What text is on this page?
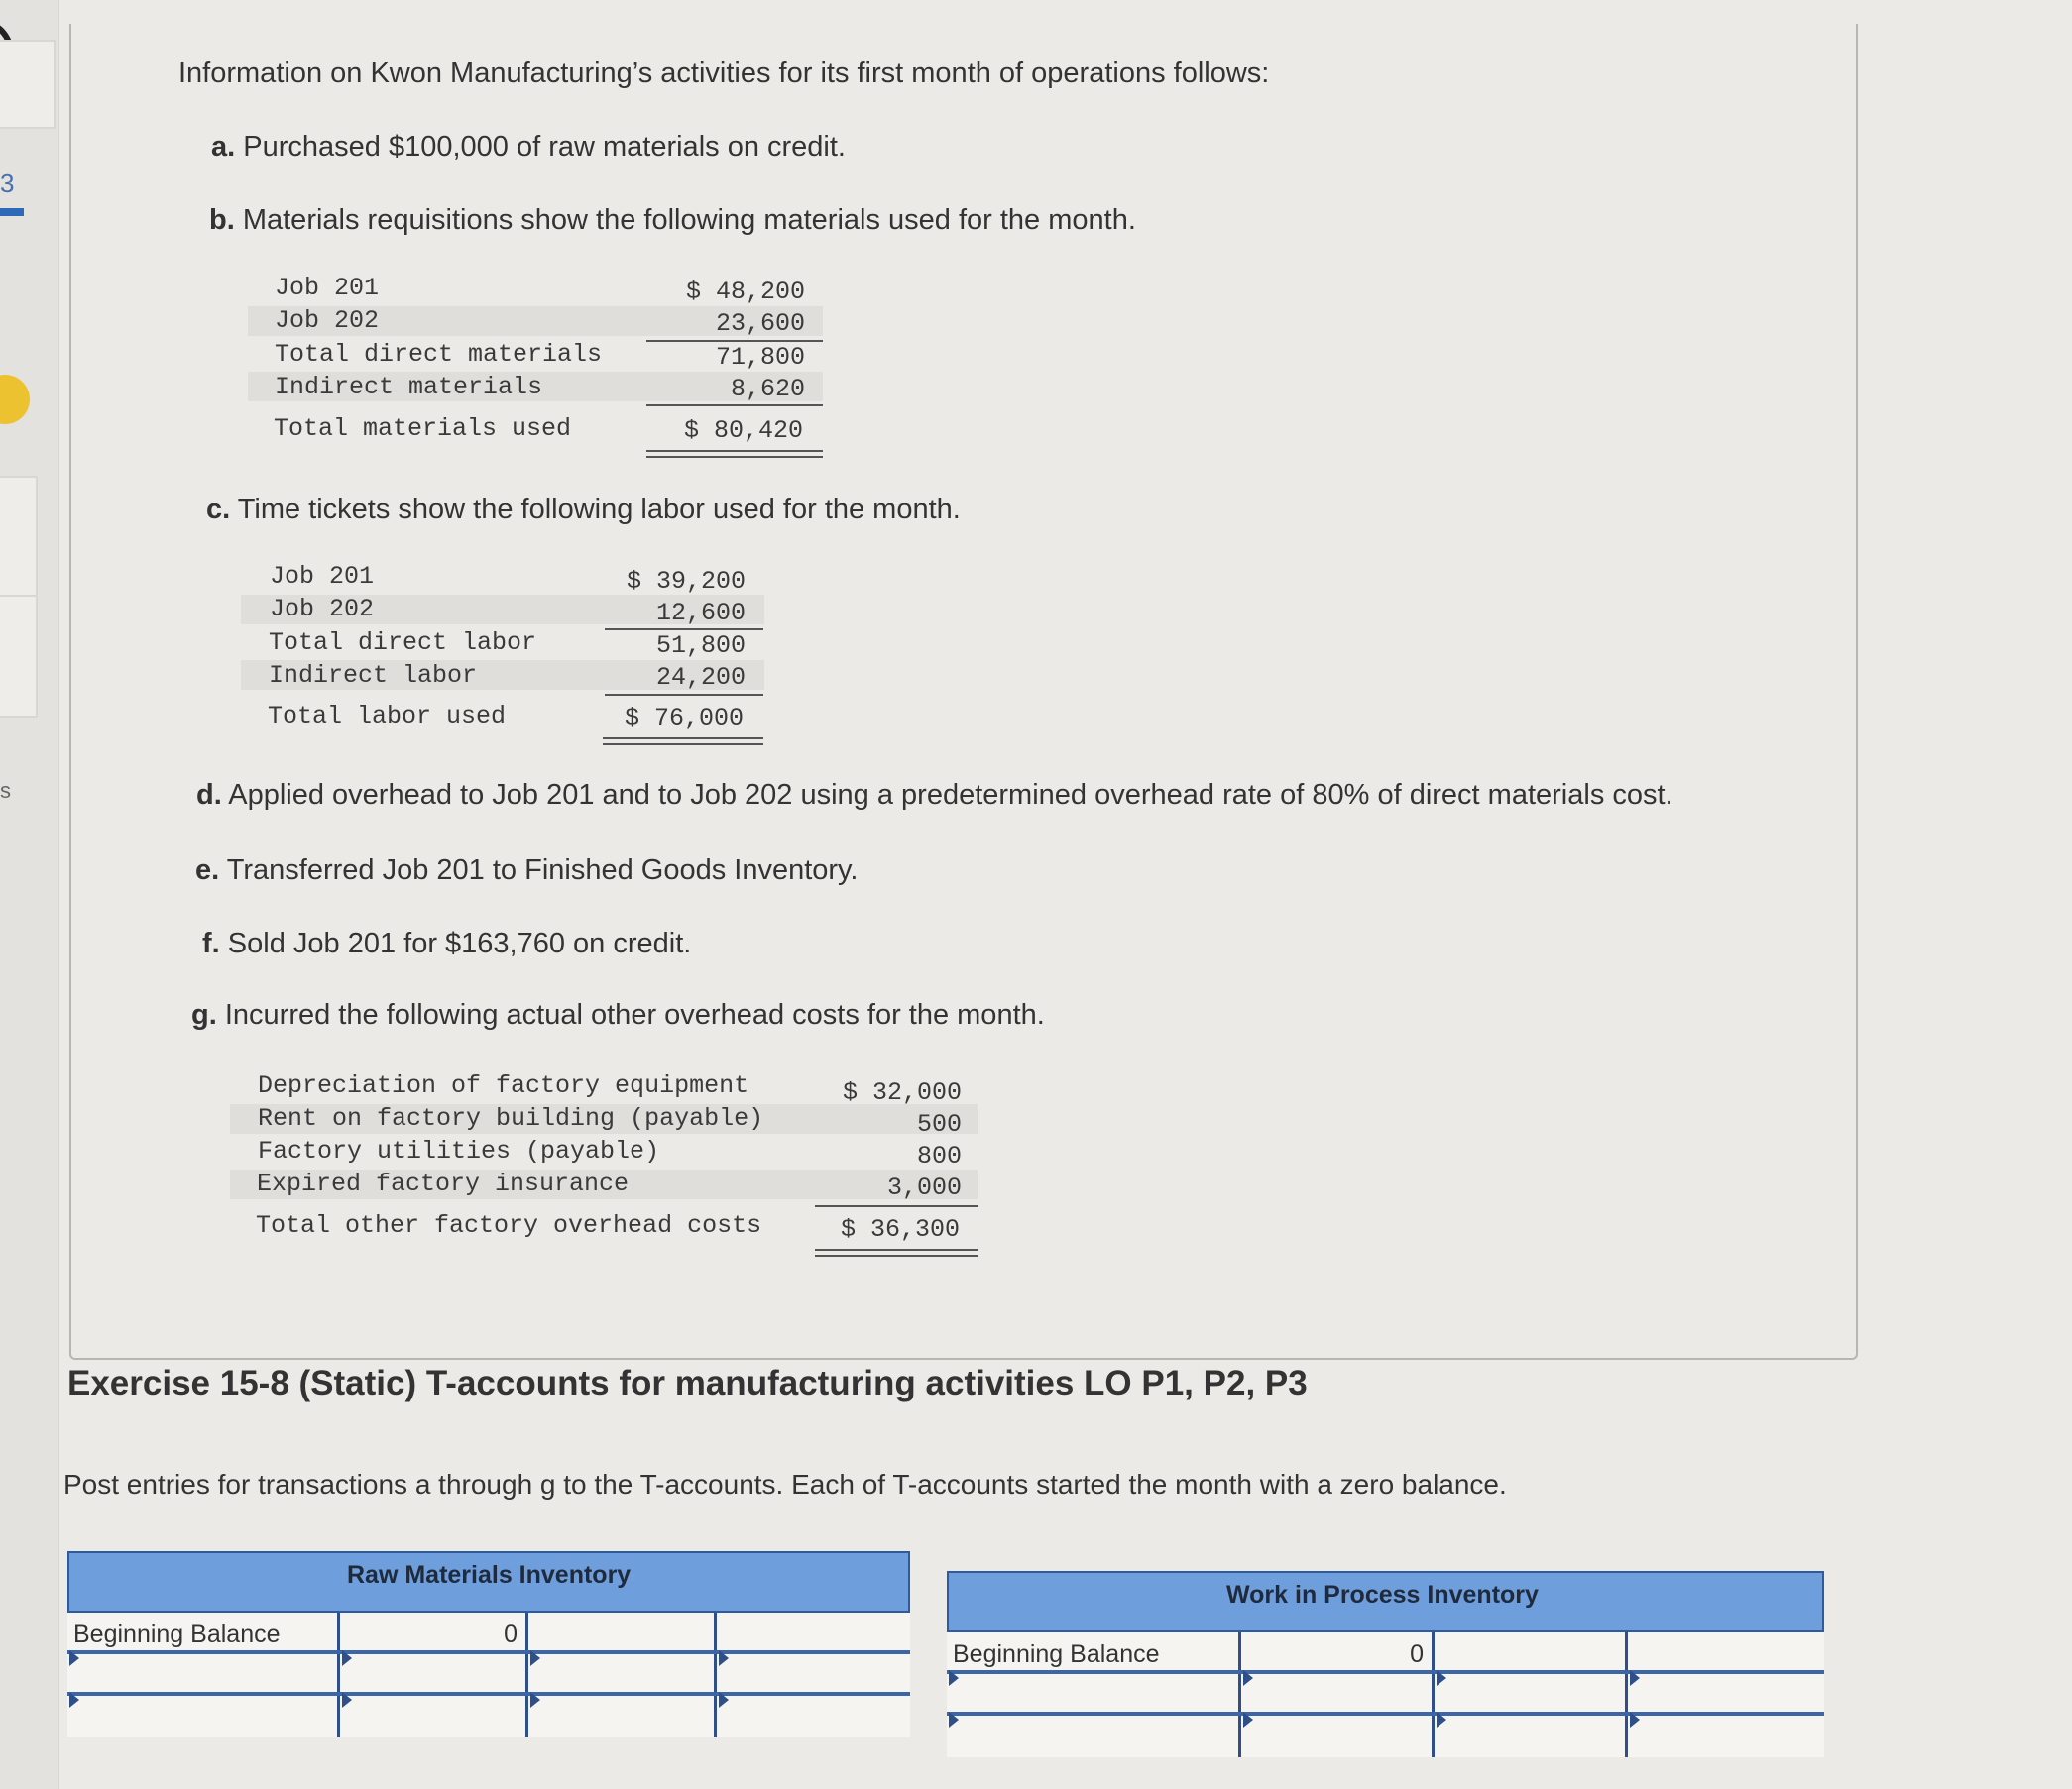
3
s
Information on Kwon Manufacturing’s activities for its first month of operations follows:
a. Purchased $100,000 of raw materials on credit.
b. Materials requisitions show the following materials used for the month.
Job 201	$ 48,200
Job 202	23,600
Total direct materials	71,800
Indirect materials	8,620
Total materials used	$ 80,420
c. Time tickets show the following labor used for the month.
Job 201	$ 39,200
Job 202	12,600
Total direct labor	51,800
Indirect labor	24,200
Total labor used	$ 76,000
d. Applied overhead to Job 201 and to Job 202 using a predetermined overhead rate of 80% of direct materials cost.
e. Transferred Job 201 to Finished Goods Inventory.
f. Sold Job 201 for $163,760 on credit.
g. Incurred the following actual other overhead costs for the month.
Depreciation of factory equipment	$ 32,000
Rent on factory building (payable)	500
Factory utilities (payable)	800
Expired factory insurance	3,000
Total other factory overhead costs	$ 36,300
Exercise 15-8 (Static) T-accounts for manufacturing activities LO P1, P2, P3
Post entries for transactions a through g to the T-accounts. Each of T-accounts started the month with a zero balance.
Raw Materials Inventory
Beginning Balance	0
Work in Process Inventory
Beginning Balance	0
